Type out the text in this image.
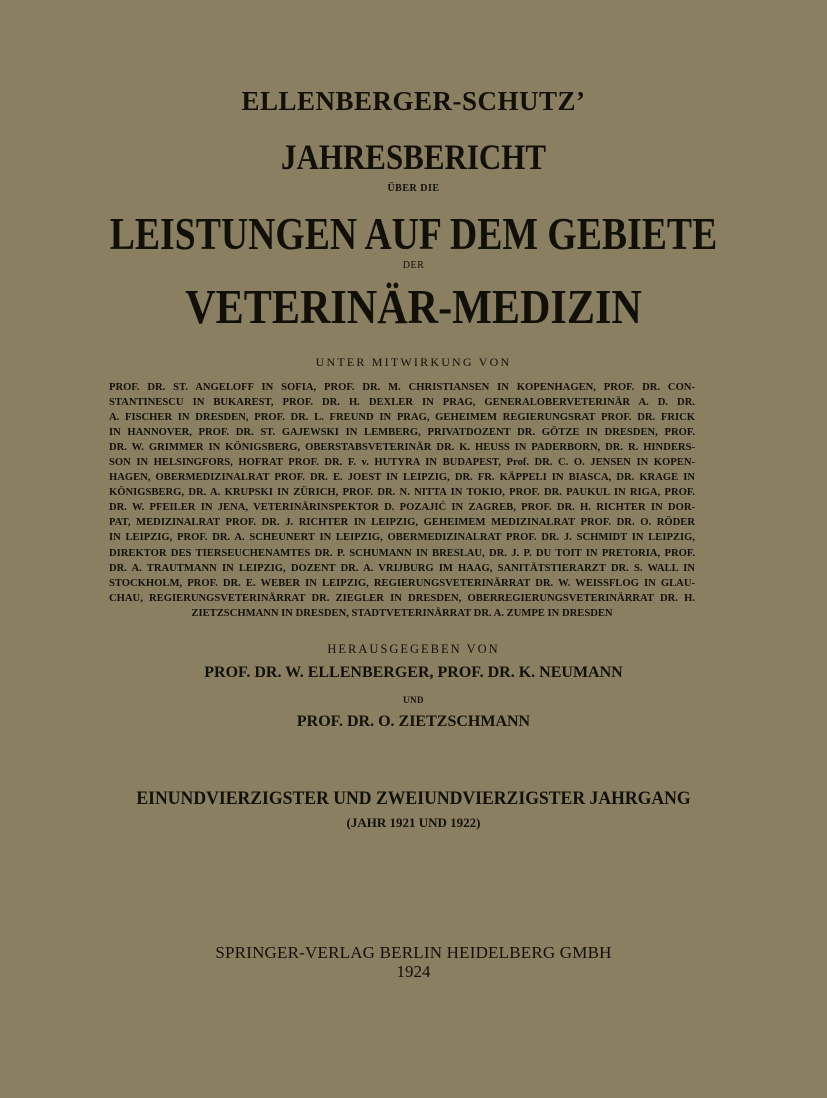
ELLENBERGER-SCHUTZ’
JAHRESBERICHT
ÜBER DIE
LEISTUNGEN AUF DEM GEBIETE
DER
VETERINÄR-MEDIZIN
UNTER MITWIRKUNG VON
PROF. DR. ST. ANGELOFF IN SOFIA, PROF. DR. M. CHRISTIANSEN IN KOPENHAGEN, PROF. DR. CON-
STANTINESCU IN BUKAREST, PROF. DR. H. DEXLER IN PRAG, GENERALOBERVETERINÄR A. D. DR.
A. FISCHER IN DRESDEN, PROF. DR. L. FREUND IN PRAG, GEHEIMEM REGIERUNGSRAT PROF. DR. FRICK
IN HANNOVER, PROF. DR. ST. GAJEWSKI IN LEMBERG, PRIVATDOZENT DR. GÖTZE IN DRESDEN, PROF.
DR. W. GRIMMER IN KÖNIGSBERG, OBERSTABSVETERINÄR DR. K. HEUSS IN PADERBORN, DR. R. HINDERS-
SON IN HELSINGFORS, HOFRAT PROF. DR. F. v. HUTYRA IN BUDAPEST, Prof. DR. C. O. JENSEN IN KOPEN-
HAGEN, OBERMEDIZINALRAT PROF. DR. E. JOEST IN LEIPZIG, DR. FR. KÄPPELI IN BIASCA, DR. KRAGE IN
KÖNIGSBERG, DR. A. KRUPSKI IN ZÜRICH, PROF. DR. N. NITTA IN TOKIO, PROF. DR. PAUKUL IN RIGA, PROF.
DR. W. PFEILER IN JENA, VETERINÄRINSPEKTOR D. POZAJIĆ IN ZAGREB, PROF. DR. H. RICHTER IN DOR-
PAT, MEDIZINALRAT PROF. DR. J. RICHTER IN LEIPZIG, GEHEIMEM MEDIZINALRAT PROF. DR. O. RÖDER
IN LEIPZIG, PROF. DR. A. SCHEUNERT IN LEIPZIG, OBERMEDIZINALRAT PROF. DR. J. SCHMIDT IN LEIPZIG,
DIREKTOR DES TIERSEUCHENAMTES DR. P. SCHUMANN IN BRESLAU, DR. J. P. DU TOIT IN PRETORIA, PROF.
DR. A. TRAUTMANN IN LEIPZIG, DOZENT DR. A. VRIJBURG IM HAAG, SANITÄTSTIERARZT DR. S. WALL IN
STOCKHOLM, PROF. DR. E. WEBER IN LEIPZIG, REGIERUNGSVETERINÄRRAT DR. W. WEISSFLOG IN GLAU-
CHAU, REGIERUNGSVETERINÄRRAT DR. ZIEGLER IN DRESDEN, OBERREGIERUNGSVETERINÄRRAT DR. H.
ZIETZSCHMANN IN DRESDEN, STADTVETERINÄRRAT DR. A. ZUMPE IN DRESDEN
HERAUSGEGEBEN VON
PROF. DR. W. ELLENBERGER, PROF. DR. K. NEUMANN
UND
PROF. DR. O. ZIETZSCHMANN
EINUNDVIERZIGSTER UND ZWEIUNDVIERZIGSTER JAHRGANG
(JAHR 1921 UND 1922)
SPRINGER-VERLAG BERLIN HEIDELBERG GMBH
1924
